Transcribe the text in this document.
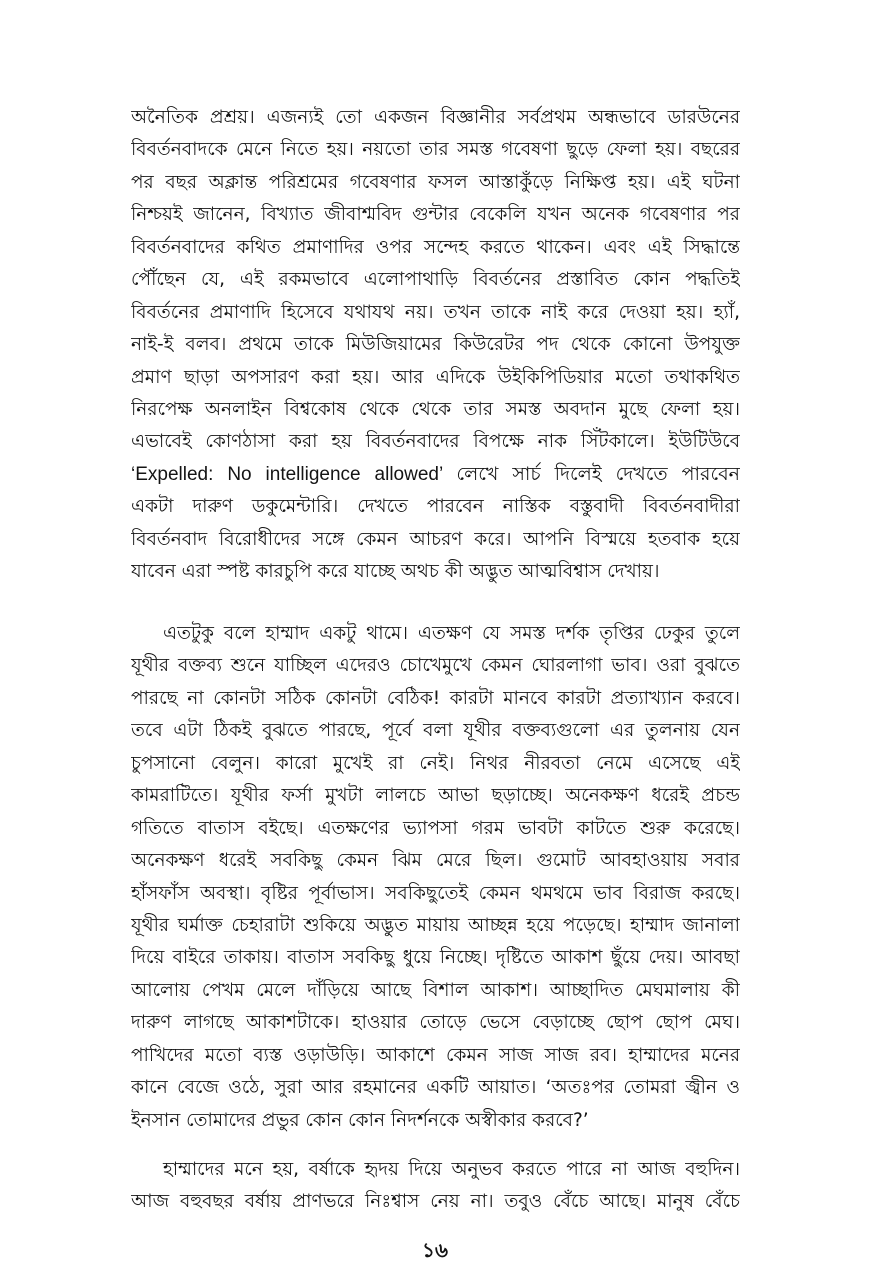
অনৈতিক প্রশ্রয়। এজন্যই তো একজন বিজ্ঞানীর সর্বপ্রথম অন্ধভাবে ডারউনের
বিবর্তনবাদকে মেনে নিতে হয়। নয়তো তার সমস্ত গবেষণা ছুড়ে ফেলা হয়। বছরের
পর বছর অক্লান্ত পরিশ্রমের গবেষণার ফসল আস্তাকুঁড়ে নিক্ষিপ্ত হয়। এই ঘটনা
নিশ্চয়ই জানেন, বিখ্যাত জীবাশ্মবিদ গুন্টার বেকেলি যখন অনেক গবেষণার পর
বিবর্তনবাদের কথিত প্রমাণাদির ওপর সন্দেহ করতে থাকেন। এবং এই সিদ্ধান্তে
পৌঁছেন যে, এই রকমভাবে এলোপাথাড়ি বিবর্তনের প্রস্তাবিত কোন পদ্ধতিই
বিবর্তনের প্রমাণাদি হিসেবে যথাযথ নয়। তখন তাকে নাই করে দেওয়া হয়। হ্যাঁ,
নাই-ই বলব। প্রথমে তাকে মিউজিয়ামের কিউরেটর পদ থেকে কোনো উপযুক্ত
প্রমাণ ছাড়া অপসারণ করা হয়। আর এদিকে উইকিপিডিয়ার মতো তথাকথিত
নিরপেক্ষ অনলাইন বিশ্বকোষ থেকে থেকে তার সমস্ত অবদান মুছে ফেলা হয়।
এভাবেই কোণঠাসা করা হয় বিবর্তনবাদের বিপক্ষে নাক সিঁটকালে। ইউটিউবে
‘Expelled: No intelligence allowed’ লেখে সার্চ দিলেই দেখতে পারবেন
একটা দারুণ ডকুমেন্টারি। দেখতে পারবেন নাস্তিক বস্তুবাদী বিবর্তনবাদীরা
বিবর্তনবাদ বিরোধীদের সঙ্গে কেমন আচরণ করে। আপনি বিস্ময়ে হতবাক হয়ে
যাবেন এরা স্পষ্ট কারচুপি করে যাচ্ছে অথচ কী অদ্ভুত আত্মবিশ্বাস দেখায়।
এতটুকু বলে হাম্মাদ একটু থামে। এতক্ষণ যে সমস্ত দর্শক তৃপ্তির ঢেকুর তুলে
যূথীর বক্তব্য শুনে যাচ্ছিল এদেরও চোখেমুখে কেমন ঘোরলাগা ভাব। ওরা বুঝতে
পারছে না কোনটা সঠিক কোনটা বেঠিক! কারটা মানবে কারটা প্রত্যাখ্যান করবে।
তবে এটা ঠিকই বুঝতে পারছে, পূর্বে বলা যূথীর বক্তব্যগুলো এর তুলনায় যেন
চুপসানো বেলুন। কারো মুখেই রা নেই। নিথর নীরবতা নেমে এসেছে এই
কামরাটিতে। যূথীর ফর্সা মুখটা লালচে আভা ছড়াচ্ছে। অনেকক্ষণ ধরেই প্রচন্ড
গতিতে বাতাস বইছে। এতক্ষণের ভ্যাপসা গরম ভাবটা কাটতে শুরু করেছে।
অনেকক্ষণ ধরেই সবকিছু কেমন ঝিম মেরে ছিল। গুমোট আবহাওয়ায় সবার
হাঁসফাঁস অবস্থা। বৃষ্টির পূর্বাভাস। সবকিছুতেই কেমন থমথমে ভাব বিরাজ করছে।
যূথীর ঘর্মাক্ত চেহারাটা শুকিয়ে অদ্ভুত মায়ায় আচ্ছন্ন হয়ে পড়েছে। হাম্মাদ জানালা
দিয়ে বাইরে তাকায়। বাতাস সবকিছু ধুয়ে নিচ্ছে। দৃষ্টিতে আকাশ ছুঁয়ে দেয়। আবছা
আলোয় পেখম মেলে দাঁড়িয়ে আছে বিশাল আকাশ। আচ্ছাদিত মেঘমালায় কী
দারুণ লাগছে আকাশটাকে। হাওয়ার তোড়ে ভেসে বেড়াচ্ছে ছোপ ছোপ মেঘ।
পাখিদের মতো ব্যস্ত ওড়াউড়ি। আকাশে কেমন সাজ সাজ রব। হাম্মাদের মনের
কানে বেজে ওঠে, সুরা আর রহমানের একটি আয়াত। ‘অতঃপর তোমরা জ্বীন ও
ইনসান তোমাদের প্রভুর কোন কোন নিদর্শনকে অস্বীকার করবে?’
হাম্মাদের মনে হয়, বর্ষাকে হৃদয় দিয়ে অনুভব করতে পারে না আজ বহুদিন।
আজ বহুবছর বর্ষায় প্রাণভরে নিঃশ্বাস নেয় না। তবুও বেঁচে আছে। মানুষ বেঁচে
১৬
